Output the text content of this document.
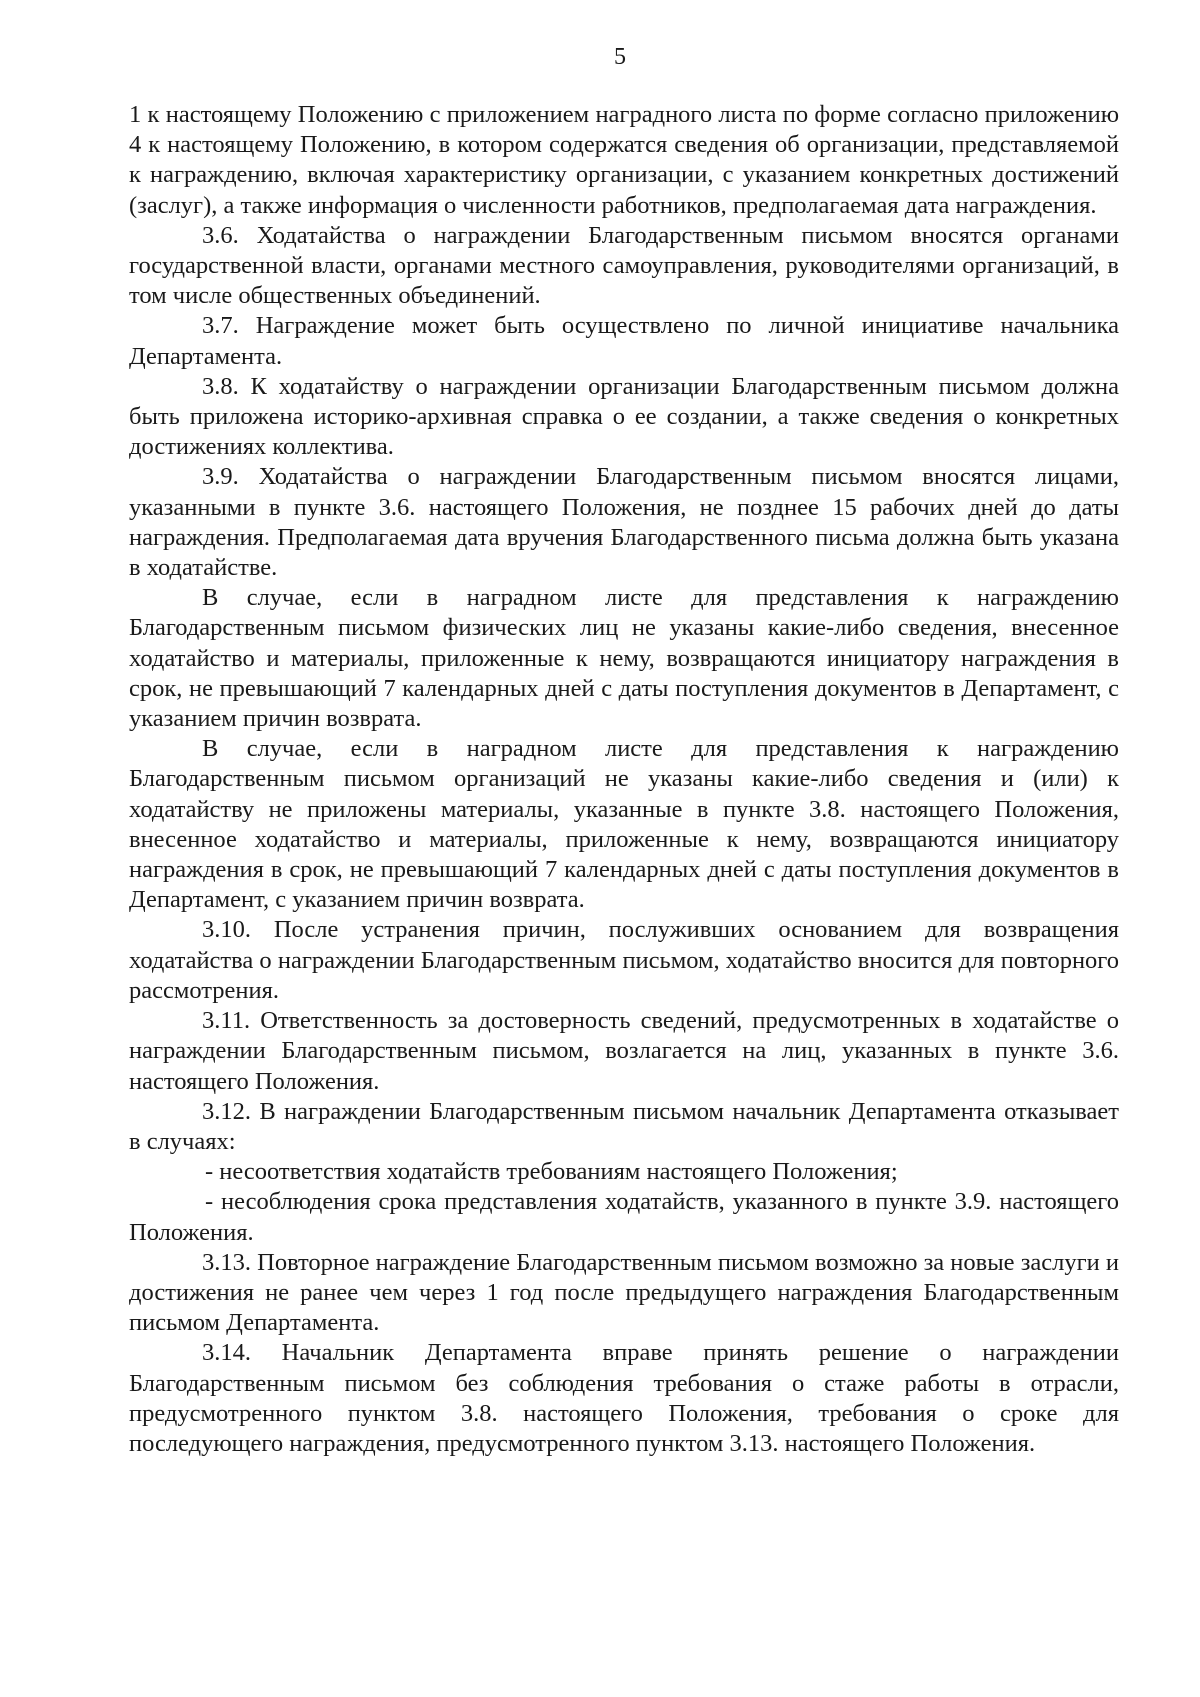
5

1 к настоящему Положению с приложением наградного листа по форме согласно приложению 4 к настоящему Положению, в котором содержатся сведения об организации, представляемой к награждению, включая характеристику организации, с указанием конкретных достижений (заслуг), а также информация о численности работников, предполагаемая дата награждения.

3.6. Ходатайства о награждении Благодарственным письмом вносятся органами государственной власти, органами местного самоуправления, руководителями организаций, в том числе общественных объединений.

3.7. Награждение может быть осуществлено по личной инициативе начальника Департамента.

3.8. К ходатайству о награждении организации Благодарственным письмом должна быть приложена историко-архивная справка о ее создании, а также сведения о конкретных достижениях коллектива.

3.9. Ходатайства о награждении Благодарственным письмом вносятся лицами, указанными в пункте 3.6. настоящего Положения, не позднее 15 рабочих дней до даты награждения. Предполагаемая дата вручения Благодарственного письма должна быть указана в ходатайстве.

В случае, если в наградном листе для представления к награждению Благодарственным письмом физических лиц не указаны какие-либо сведения, внесенное ходатайство и материалы, приложенные к нему, возвращаются инициатору награждения в срок, не превышающий 7 календарных дней с даты поступления документов в Департамент, с указанием причин возврата.

В случае, если в наградном листе для представления к награждению Благодарственным письмом организаций не указаны какие-либо сведения и (или) к ходатайству не приложены материалы, указанные в пункте 3.8. настоящего Положения, внесенное ходатайство и материалы, приложенные к нему, возвращаются инициатору награждения в срок, не превышающий 7 календарных дней с даты поступления документов в Департамент, с указанием причин возврата.

3.10. После устранения причин, послуживших основанием для возвращения ходатайства о награждении Благодарственным письмом, ходатайство вносится для повторного рассмотрения.

3.11. Ответственность за достоверность сведений, предусмотренных в ходатайстве о награждении Благодарственным письмом, возлагается на лиц, указанных в пункте 3.6. настоящего Положения.

3.12. В награждении Благодарственным письмом начальник Департамента отказывает в случаях:

- несоответствия ходатайств требованиям настоящего Положения;

- несоблюдения срока представления ходатайств, указанного в пункте 3.9. настоящего Положения.

3.13. Повторное награждение Благодарственным письмом возможно за новые заслуги и достижения не ранее чем через 1 год после предыдущего награждения Благодарственным письмом Департамента.

3.14. Начальник Департамента вправе принять решение о награждении Благодарственным письмом без соблюдения требования о стаже работы в отрасли, предусмотренного пунктом 3.8. настоящего Положения, требования о сроке для последующего награждения, предусмотренного пунктом 3.13. настоящего Положения.
